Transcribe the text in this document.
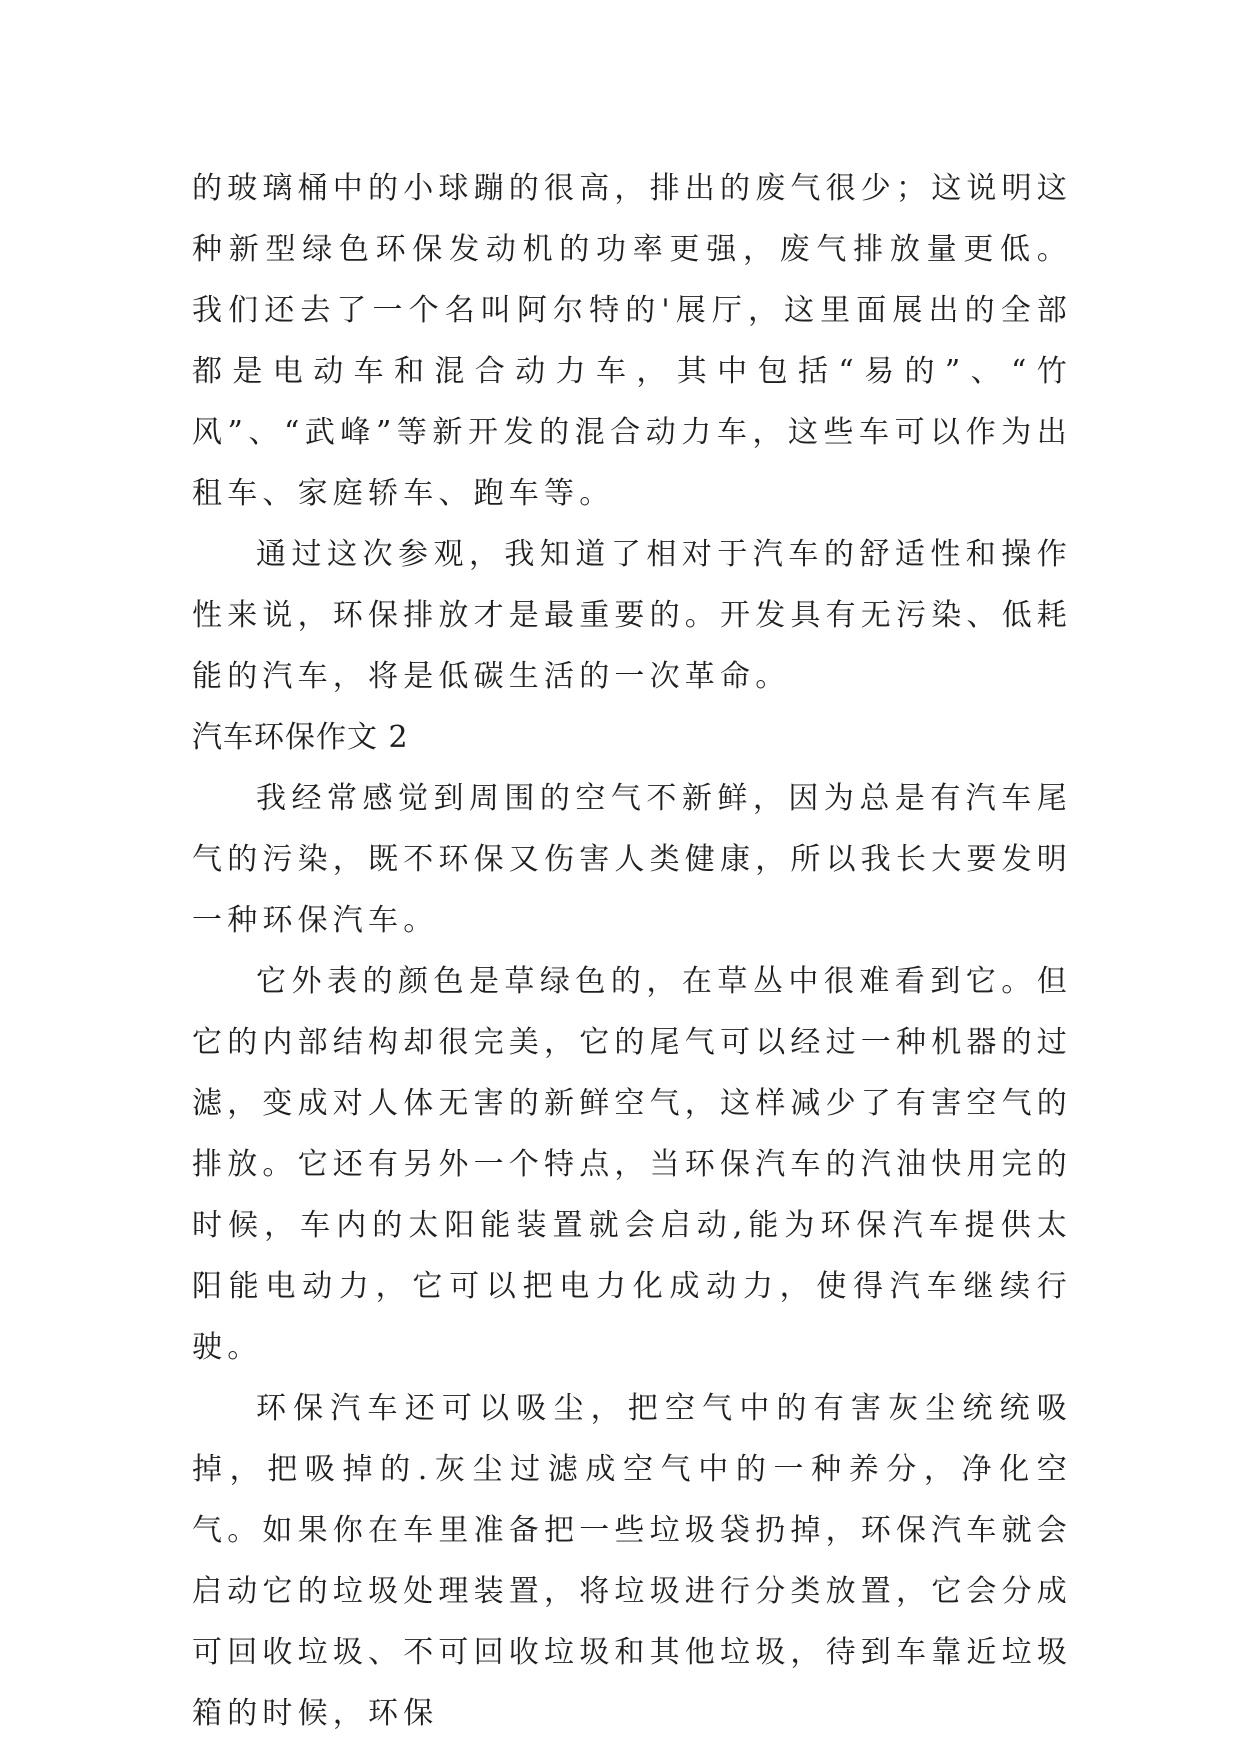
的玻璃桶中的小球蹦的很高，排出的废气很少；这说明这种新型绿色环保发动机的功率更强，废气排放量更低。 我们还去了一个名叫阿尔特的'展厅，这里面展出的全部都是电动车和混合动力车，其中包括“易的”、“竹风”、“武峰”等新开发的混合动力车，这些车可以作为出租车、家庭轿车、跑车等。

通过这次参观，我知道了相对于汽车的舒适性和操作性来说，环保排放才是最重要的。开发具有无污染、低耗能的汽车，将是低碳生活的一次革命。

汽车环保作文 2

我经常感觉到周围的空气不新鲜，因为总是有汽车尾气的污染，既不环保又伤害人类健康，所以我长大要发明一种环保汽车。

它外表的颜色是草绿色的，在草丛中很难看到它。但它的内部结构却很完美，它的尾气可以经过一种机器的过滤，变成对人体无害的新鲜空气，这样减少了有害空气的排放。它还有另外一个特点，当环保汽车的汽油快用完的时候，车内的太阳能装置就会启动,能为环保汽车提供太阳能电动力，它可以把电力化成动力，使得汽车继续行驶。

环保汽车还可以吸尘，把空气中的有害灰尘统统吸掉，把吸掉的.灰尘过滤成空气中的一种养分，净化空气。如果你在车里准备把一些垃圾袋扔掉，环保汽车就会启动它的垃圾处理装置，将垃圾进行分类放置，它会分成可回收垃圾、不可回收垃圾和其他垃圾，待到车靠近垃圾箱的时候，环保
